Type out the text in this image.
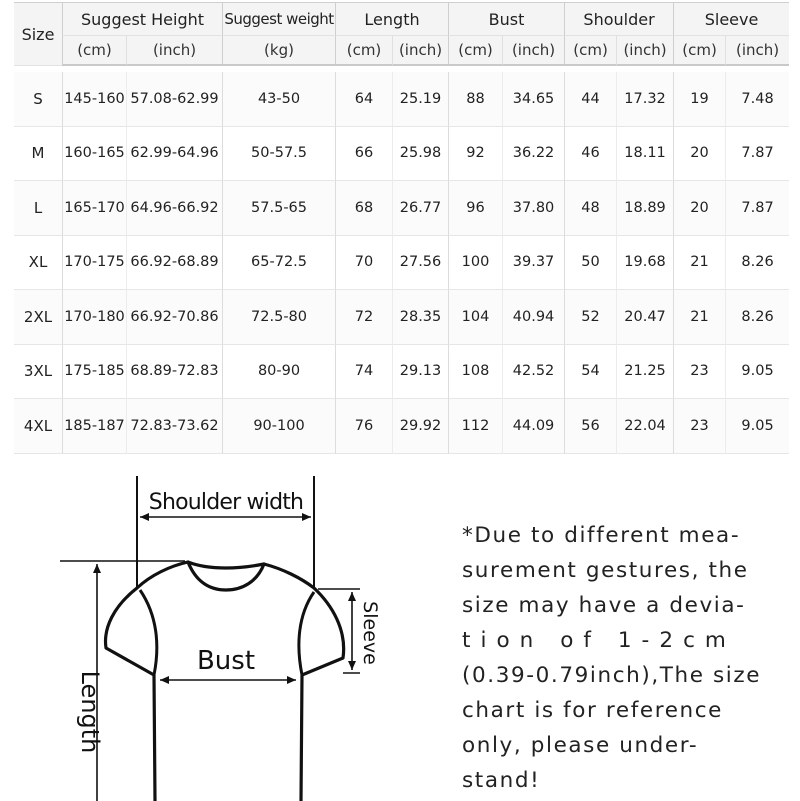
Size	Suggest Height		Suggest weight	Length		Bust		Shoulder		Sleeve	
	(cm)	(inch)	(kg)	(cm)	(inch)	(cm)	(inch)	(cm)	(inch)	(cm)	(inch)

S	145-160	57.08-62.99	43-50	64	25.19	88	34.65	44	17.32	19	7.48
M	160-165	62.99-64.96	50-57.5	66	25.98	92	36.22	46	18.11	20	7.87
L	165-170	64.96-66.92	57.5-65	68	26.77	96	37.80	48	18.89	20	7.87
XL	170-175	66.92-68.89	65-72.5	70	27.56	100	39.37	50	19.68	21	8.26
2XL	170-180	66.92-70.86	72.5-80	72	28.35	104	40.94	52	20.47	21	8.26
3XL	175-185	68.89-72.83	80-90	74	29.13	108	42.52	54	21.25	23	9.05
4XL	185-187	72.83-73.62	90-100	76	29.92	112	44.09	56	22.04	23	9.05
Shoulder width
Length
Bust	Sleeve
*Due to different mea-
surement gestures, the
size may have a devia-
t i o n   o f   1 - 2 c m
(0.39-0.79inch),The size
chart is for reference
only, please under-
stand!
